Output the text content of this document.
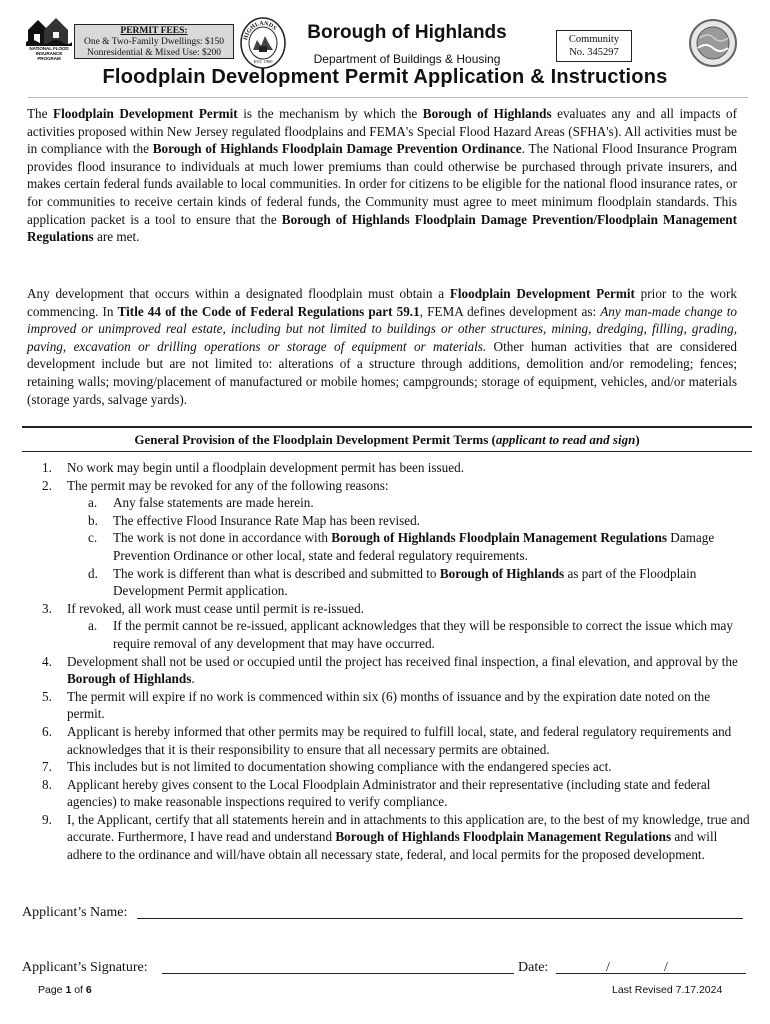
NATIONAL FLOOD INSURANCE PROGRAM
PERMIT FEES:
One & Two-Family Dwellings: $150
Nonresidential & Mixed Use: $200
HIGHLANDS
EST. 1900
Borough of Highlands
Department of Buildings & Housing
Community
No. 345297
Floodplain Development Permit Application & Instructions
The Floodplain Development Permit is the mechanism by which the Borough of Highlands evaluates any and all impacts of activities proposed within New Jersey regulated floodplains and FEMA's Special Flood Hazard Areas (SFHA's). All activities must be in compliance with the Borough of Highlands Floodplain Damage Prevention Ordinance. The National Flood Insurance Program provides flood insurance to individuals at much lower premiums than could otherwise be purchased through private insurers, and makes certain federal funds available to local communities. In order for citizens to be eligible for the national flood insurance rates, or for communities to receive certain kinds of federal funds, the Community must agree to meet minimum floodplain standards. This application packet is a tool to ensure that the Borough of Highlands Floodplain Damage Prevention/Floodplain Management Regulations are met.
Any development that occurs within a designated floodplain must obtain a Floodplain Development Permit prior to the work commencing. In Title 44 of the Code of Federal Regulations part 59.1, FEMA defines development as: Any man-made change to improved or unimproved real estate, including but not limited to buildings or other structures, mining, dredging, filling, grading, paving, excavation or drilling operations or storage of equipment or materials. Other human activities that are considered development include but are not limited to: alterations of a structure through additions, demolition and/or remodeling; fences; retaining walls; moving/placement of manufactured or mobile homes; campgrounds; storage of equipment, vehicles, and/or materials (storage yards, salvage yards).
General Provision of the Floodplain Development Permit Terms (applicant to read and sign)
1. No work may begin until a floodplain development permit has been issued.
2. The permit may be revoked for any of the following reasons:
a. Any false statements are made herein.
b. The effective Flood Insurance Rate Map has been revised.
c. The work is not done in accordance with Borough of Highlands Floodplain Management Regulations Damage Prevention Ordinance or other local, state and federal regulatory requirements.
d. The work is different than what is described and submitted to Borough of Highlands as part of the Floodplain Development Permit application.
3. If revoked, all work must cease until permit is re-issued.
a. If the permit cannot be re-issued, applicant acknowledges that they will be responsible to correct the issue which may require removal of any development that may have occurred.
4. Development shall not be used or occupied until the project has received final inspection, a final elevation, and approval by the Borough of Highlands.
5. The permit will expire if no work is commenced within six (6) months of issuance and by the expiration date noted on the permit.
6. Applicant is hereby informed that other permits may be required to fulfill local, state, and federal regulatory requirements and acknowledges that it is their responsibility to ensure that all necessary permits are obtained.
7. This includes but is not limited to documentation showing compliance with the endangered species act.
8. Applicant hereby gives consent to the Local Floodplain Administrator and their representative (including state and federal agencies) to make reasonable inspections required to verify compliance.
9. I, the Applicant, certify that all statements herein and in attachments to this application are, to the best of my knowledge, true and accurate. Furthermore, I have read and understand Borough of Highlands Floodplain Management Regulations and will adhere to the ordinance and will/have obtain all necessary state, federal, and local permits for the proposed development.
Applicant’s Name:
Applicant’s Signature:	Date:	/	/
Page 1 of 6	Last Revised 7.17.2024
